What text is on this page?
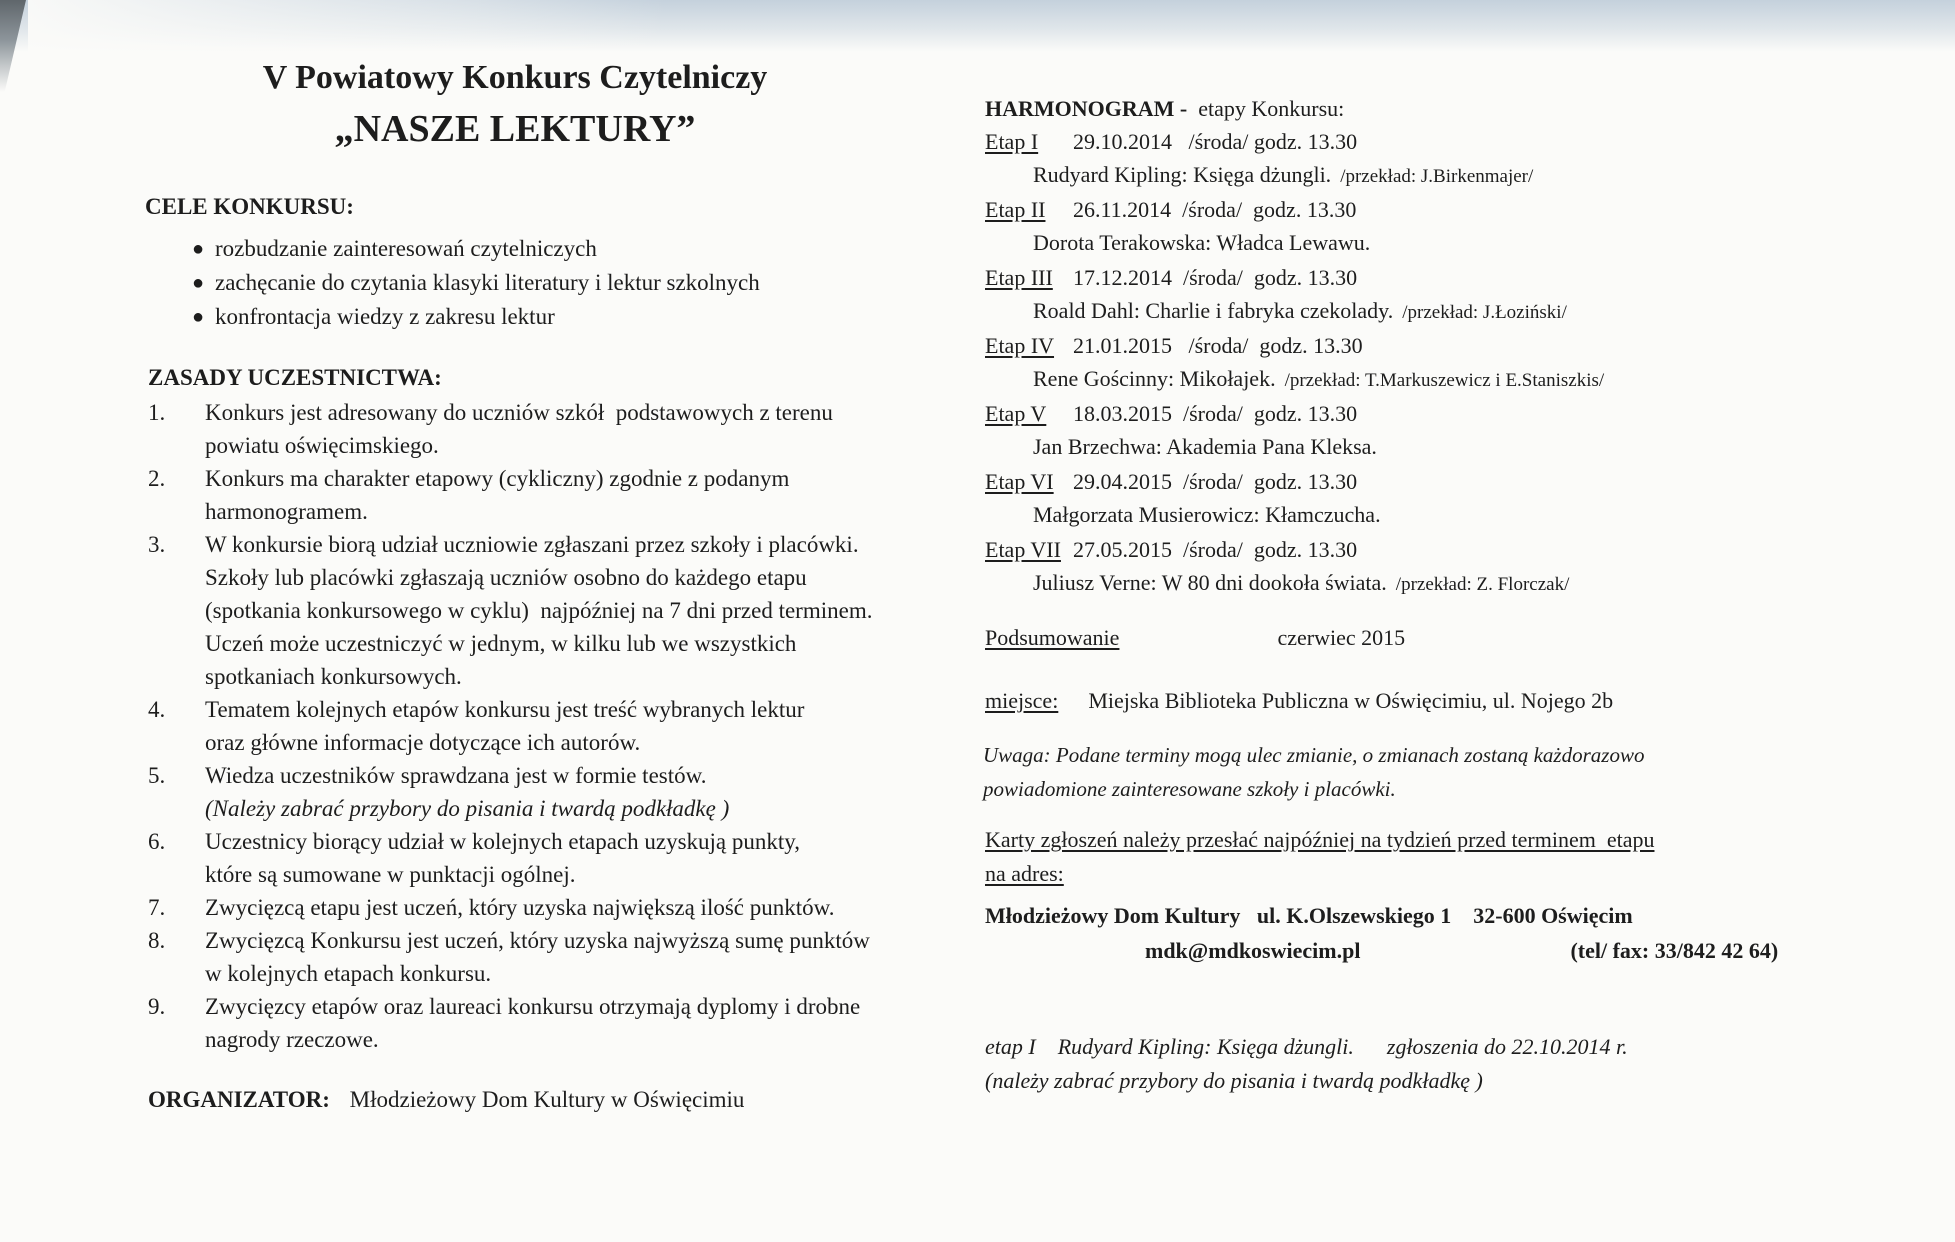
V Powiatowy Konkurs Czytelniczy
„NASZE LEKTURY”
CELE KONKURSU:
● rozbudzanie zainteresowań czytelniczych
● zachęcanie do czytania klasyki literatury i lektur szkolnych
● konfrontacja wiedzy z zakresu lektur
ZASADY UCZESTNICTWA:
1. Konkurs jest adresowany do uczniów szkół  podstawowych z terenu
powiatu oświęcimskiego.
2. Konkurs ma charakter etapowy (cykliczny) zgodnie z podanym
harmonogramem.
3. W konkursie biorą udział uczniowie zgłaszani przez szkoły i placówki.
Szkoły lub placówki zgłaszają uczniów osobno do każdego etapu
(spotkania konkursowego w cyklu)  najpóźniej na 7 dni przed terminem.
Uczeń może uczestniczyć w jednym, w kilku lub we wszystkich
spotkaniach konkursowych.
4. Tematem kolejnych etapów konkursu jest treść wybranych lektur
oraz główne informacje dotyczące ich autorów.
5. Wiedza uczestników sprawdzana jest w formie testów.
(Należy zabrać przybory do pisania i twardą podkładkę )
6. Uczestnicy biorący udział w kolejnych etapach uzyskują punkty,
które są sumowane w punktacji ogólnej.
7. Zwycięzcą etapu jest uczeń, który uzyska największą ilość punktów.
8. Zwycięzcą Konkursu jest uczeń, który uzyska najwyższą sumę punktów
w kolejnych etapach konkursu.
9. Zwycięzcy etapów oraz laureaci konkursu otrzymają dyplomy i drobne
nagrody rzeczowe.
ORGANIZATOR: Młodzieżowy Dom Kultury w Oświęcimiu
HARMONOGRAM -  etapy Konkursu:
Etap I 29.10.2014   /środa/ godz. 13.30
Rudyard Kipling: Księga dżungli. /przekład: J.Birkenmajer/
Etap II 26.11.2014  /środa/  godz. 13.30
Dorota Terakowska: Władca Lewawu.
Etap III 17.12.2014  /środa/  godz. 13.30
Roald Dahl: Charlie i fabryka czekolady. /przekład: J.Łoziński/
Etap IV 21.01.2015   /środa/  godz. 13.30
Rene Gościnny: Mikołajek. /przekład: T.Markuszewicz i E.Staniszkis/
Etap V 18.03.2015  /środa/  godz. 13.30
Jan Brzechwa: Akademia Pana Kleksa.
Etap VI 29.04.2015  /środa/  godz. 13.30
Małgorzata Musierowicz: Kłamczucha.
Etap VII 27.05.2015  /środa/  godz. 13.30
Juliusz Verne: W 80 dni dookoła świata. /przekład: Z. Florczak/
Podsumowanie	czerwiec 2015
miejsce: Miejska Biblioteka Publiczna w Oświęcimiu, ul. Nojego 2b
Uwaga: Podane terminy mogą ulec zmianie, o zmianach zostaną każdorazowo
powiadomione zainteresowane szkoły i placówki.
Karty zgłoszeń należy przesłać najpóźniej na tydzień przed terminem  etapu
na adres:
Młodzieżowy Dom Kultury   ul. K.Olszewskiego 1    32-600 Oświęcim
mdk@mdkoswiecim.pl	(tel/ fax: 33/842 42 64)
etap I    Rudyard Kipling: Księga dżungli.      zgłoszenia do 22.10.2014 r.
(należy zabrać przybory do pisania i twardą podkładkę )
